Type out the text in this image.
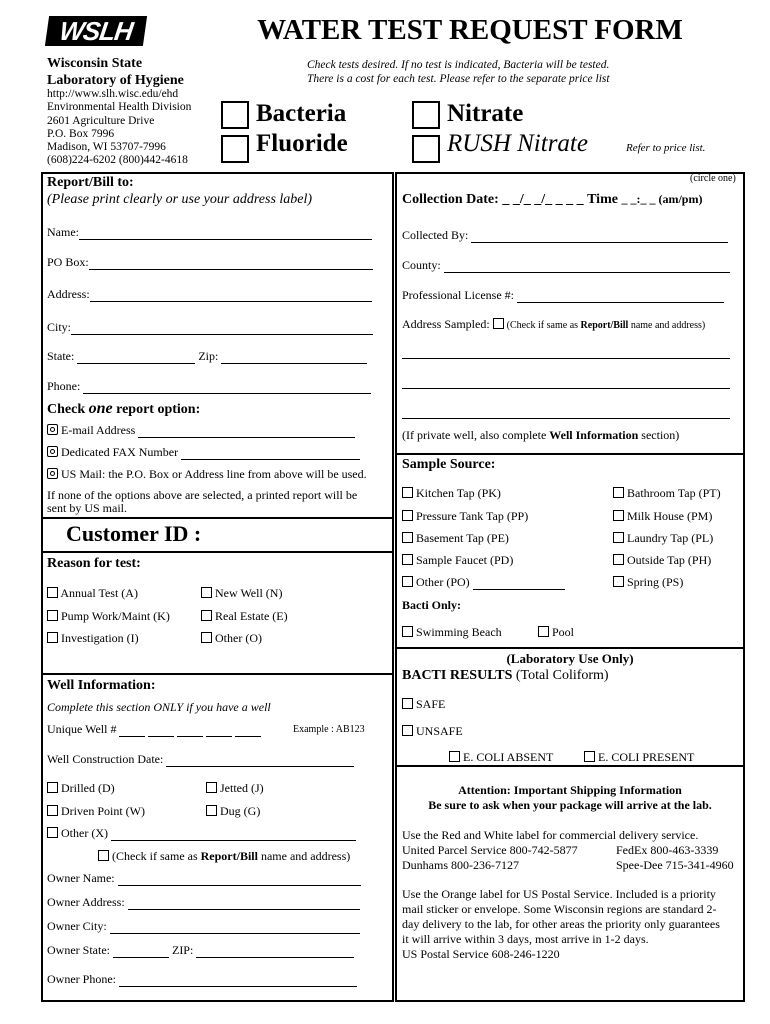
WSLH	WATER TEST REQUEST FORM
Wisconsin State
Laboratory of Hygiene
http://www.slh.wisc.edu/ehd
Environmental Health Division
2601 Agriculture Drive
P.O. Box 7996
Madison, WI 53707-7996
(608)224-6202 (800)442-4618
Check tests desired. If no test is indicated, Bacteria will be tested.
There is a cost for each test. Please refer to the separate price list
Bacteria
Fluoride
Nitrate
RUSH Nitrate	Refer to price list.
Report/Bill to:
(Please print clearly or use your address label)
Name:
PO Box:
Address:
City:
State:	Zip:
Phone:
Check one report option:
E-mail Address
Dedicated FAX Number
US Mail: the P.O. Box or Address line from above will be used.
If none of the options above are selected, a printed report will be
sent by US mail.
Customer ID :
Reason for test:
Annual Test (A)	New Well (N)
Pump Work/Maint (K)	Real Estate (E)
Investigation (I)	Other (O)
Well Information:
Complete this section ONLY if you have a well
Unique Well #	Example : AB123
Well Construction Date:
Drilled (D)	Jetted (J)
Driven Point (W)	Dug (G)
Other (X)
(Check if same as Report/Bill name and address)
Owner Name:
Owner Address:
Owner City:
Owner State:	ZIP:
Owner Phone:
(circle one)
Collection Date: _ _/_ _/_ _ _ _ Time _ _:_ _ (am/pm)
Collected By:
County:
Professional License #:
Address Sampled: (Check if same as Report/Bill name and address)
(If private well, also complete Well Information section)
Sample Source:
Kitchen Tap (PK)	Bathroom Tap (PT)
Pressure Tank Tap (PP)	Milk House (PM)
Basement Tap (PE)	Laundry Tap (PL)
Sample Faucet (PD)	Outside Tap (PH)
Other (PO)	Spring (PS)
Bacti Only:
Swimming Beach	Pool
(Laboratory Use Only)
BACTI RESULTS (Total Coliform)
SAFE
UNSAFE
E. COLI ABSENT	E. COLI PRESENT
Attention: Important Shipping Information
Be sure to ask when your package will arrive at the lab.
Use the Red and White label for commercial delivery service.
United Parcel Service 800-742-5877	FedEx 800-463-3339
Dunhams 800-236-7127	Spee-Dee 715-341-4960
Use the Orange label for US Postal Service. Included is a priority
mail sticker or envelope. Some Wisconsin regions are standard 2-
day delivery to the lab, for other areas the priority only guarantees
it will arrive within 3 days, most arrive in 1-2 days.
US Postal Service 608-246-1220
